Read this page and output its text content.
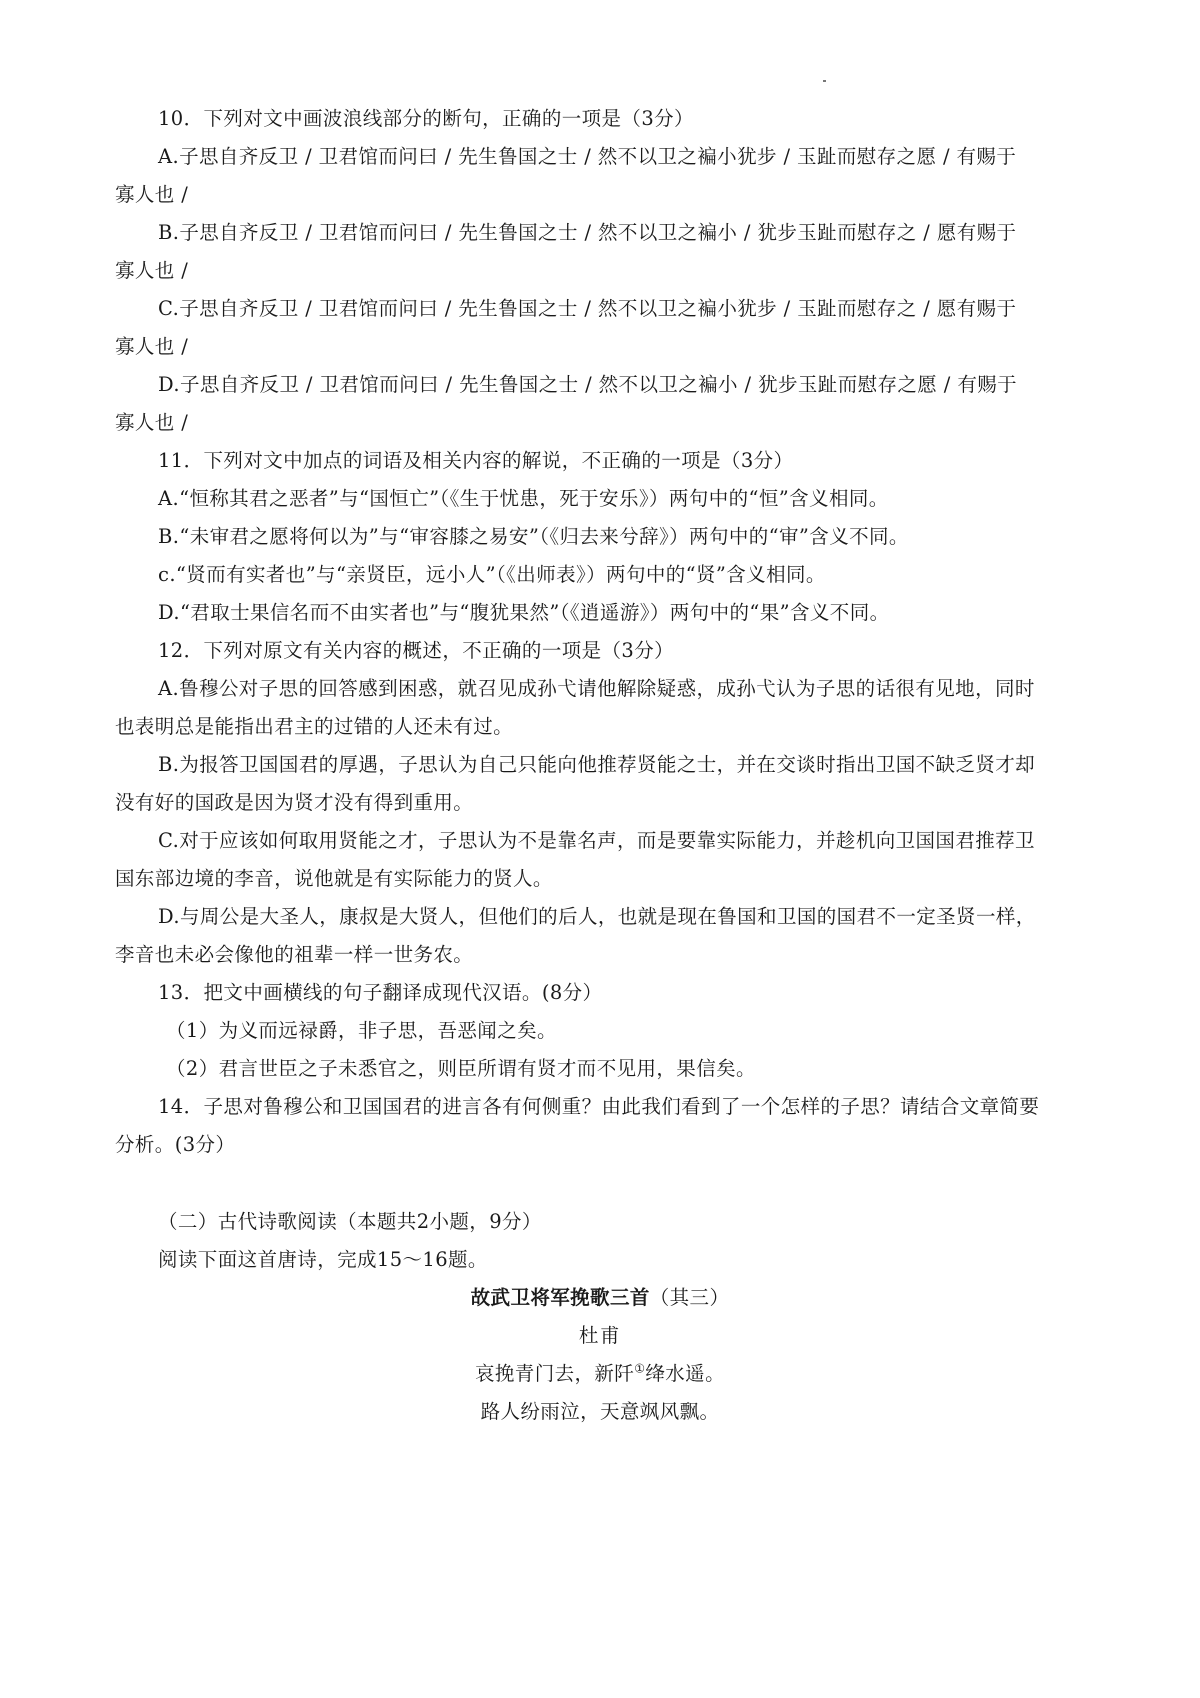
10．下列对文中画波浪线部分的断句，正确的一项是（3分）
A.子思自齐反卫 / 卫君馆而问曰 / 先生鲁国之士 / 然不以卫之褊小犹步 / 玉趾而慰存之愿 / 有赐于
寡人也 /
B.子思自齐反卫 / 卫君馆而问曰 / 先生鲁国之士 / 然不以卫之褊小 / 犹步玉趾而慰存之 / 愿有赐于
寡人也 /
C.子思自齐反卫 / 卫君馆而问曰 / 先生鲁国之士 / 然不以卫之褊小犹步 / 玉趾而慰存之 / 愿有赐于
寡人也 /
D.子思自齐反卫 / 卫君馆而问曰 / 先生鲁国之士 / 然不以卫之褊小 / 犹步玉趾而慰存之愿 / 有赐于
寡人也 /
11．下列对文中加点的词语及相关内容的解说，不正确的一项是（3分）
A.“恒称其君之恶者”与“国恒亡”（《生于忧患，死于安乐》）两句中的“恒”含义相同。
B.“未审君之愿将何以为”与“审容膝之易安”（《归去来兮辞》）两句中的“审”含义不同。
c.“贤而有实者也”与“亲贤臣，远小人”（《出师表》）两句中的“贤”含义相同。
D.“君取士果信名而不由实者也”与“腹犹果然”（《逍遥游》）两句中的“果”含义不同。
12．下列对原文有关内容的概述，不正确的一项是（3分）
A.鲁穆公对子思的回答感到困惑，就召见成孙弋请他解除疑惑，成孙弋认为子思的话很有见地，同时
也表明总是能指出君主的过错的人还未有过。
B.为报答卫国国君的厚遇，子思认为自己只能向他推荐贤能之士，并在交谈时指出卫国不缺乏贤才却
没有好的国政是因为贤才没有得到重用。
C.对于应该如何取用贤能之才，子思认为不是靠名声，而是要靠实际能力，并趁机向卫国国君推荐卫
国东部边境的李音，说他就是有实际能力的贤人。
D.与周公是大圣人，康叔是大贤人，但他们的后人，也就是现在鲁国和卫国的国君不一定圣贤一样，
李音也未必会像他的祖辈一样一世务农。
13．把文中画横线的句子翻译成现代汉语。(8分）
（1）为义而远禄爵，非子思，吾恶闻之矣。
（2）君言世臣之子未悉官之，则臣所谓有贤才而不见用，果信矣。
14．子思对鲁穆公和卫国国君的进言各有何侧重？由此我们看到了一个怎样的子思？请结合文章简要
分析。(3分）
（二）古代诗歌阅读（本题共2小题，9分）
阅读下面这首唐诗，完成15～16题。
故武卫将军挽歌三首（其三）
杜甫
哀挽青门去，新阡①绛水遥。
路人纷雨泣，天意飒风飘。
